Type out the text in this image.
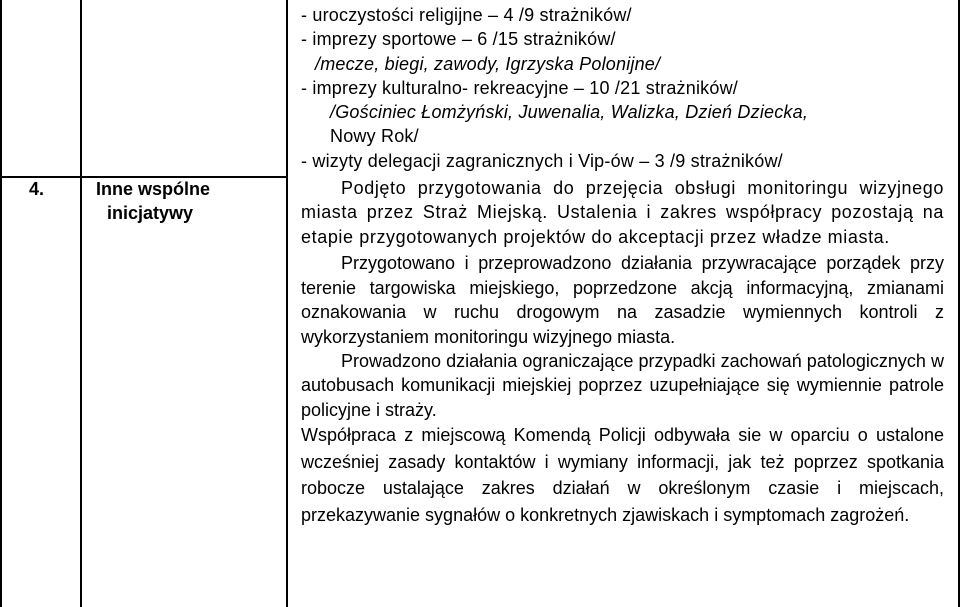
4.	Inne wspólne
inicjatywy
- uroczystości religijne – 4 /9 strażników/
- imprezy sportowe – 6 /15 strażników/
/mecze, biegi, zawody, Igrzyska Polonijne/
- imprezy kulturalno- rekreacyjne – 10 /21 strażników/
/Gościniec Łomżyński, Juwenalia, Walizka, Dzień Dziecka,
Nowy Rok/
- wizyty delegacji zagranicznych i Vip-ów – 3 /9 strażników/

Podjęto przygotowania do przejęcia obsługi monitoringu wizyjnego miasta przez Straż Miejską. Ustalenia i zakres współpracy pozostają na etapie przygotowanych projektów do akceptacji przez władze miasta.

Przygotowano i przeprowadzono działania przywracające porządek przy terenie targowiska miejskiego, poprzedzone akcją informacyjną, zmianami oznakowania w ruchu drogowym na zasadzie wymiennych kontroli z wykorzystaniem monitoringu wizyjnego miasta.

Prowadzono działania ograniczające przypadki zachowań patologicznych w autobusach komunikacji miejskiej poprzez uzupełniające się wymiennie patrole policyjne i straży.

Współpraca z miejscową Komendą Policji odbywała sie w oparciu o ustalone wcześniej zasady kontaktów i wymiany informacji, jak też poprzez spotkania robocze ustalające zakres działań w określonym czasie i miejscach, przekazywanie sygnałów o konkretnych zjawiskach i symptomach zagrożeń.
